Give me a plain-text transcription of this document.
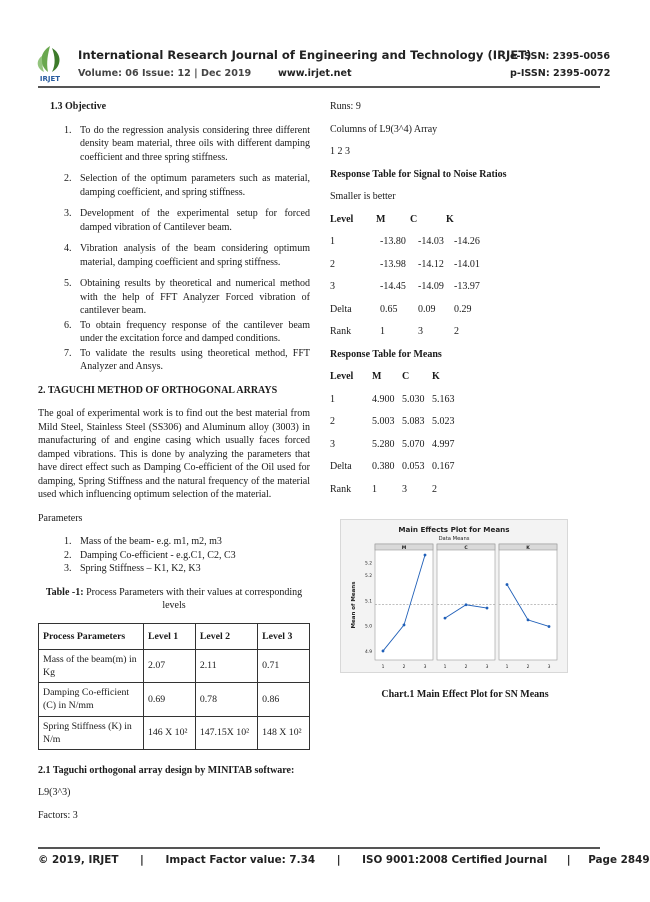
IRJET
International Research Journal of Engineering and Technology (IRJET)
e-ISSN: 2395-0056
Volume: 06 Issue: 12 | Dec 2019	www.irjet.net	p-ISSN: 2395-0072
1.3 Objective
1. To do the regression analysis considering three different density beam material, three oils with different damping coefficient and three spring stiffness.
2. Selection of the optimum parameters such as material, damping coefficient, and spring stiffness.
3. Development of the experimental setup for forced damped vibration of Cantilever beam.
4. Vibration analysis of the beam considering optimum material, damping coefficient and spring stiffness.
5. Obtaining results by theoretical and numerical method with the help of FFT Analyzer Forced vibration of cantilever beam.
6. To obtain frequency response of the cantilever beam under the excitation force and damped conditions.
7. To validate the results using theoretical method, FFT Analyzer and Ansys.
2. TAGUCHI METHOD OF ORTHOGONAL ARRAYS

The goal of experimental work is to find out the best material from Mild Steel, Stainless Steel (SS306) and Aluminum alloy (3003) in manufacturing of and engine casing which usually faces forced damped vibrations. This is done by analyzing the parameters that have direct effect such as Damping Co-efficient of the Oil used for damping, Spring Stiffness and the natural frequency of the material used which influencing optimum selection of the material.

Parameters

1. Mass of the beam- e.g. m1, m2, m3
2. Damping Co-efficient - e.g.C1, C2, C3
3. Spring Stiffness – K1, K2, K3
Table -1: Process Parameters with their values at corresponding levels
Process Parameters	Level 1	Level 2	Level 3
Mass of the beam(m) in Kg	2.07	2.11	0.71
Damping Co-efficient (C) in N/mm	0.69	0.78	0.86
Spring Stiffness (K) in N/m	146 X 10²	147.15X 10²	148 X 10²
2.1 Taguchi orthogonal array design by MINITAB software:

L9(3^3)

Factors: 3

Runs: 9
Columns of L9(3^4) Array
1 2 3
Response Table for Signal to Noise Ratios
Smaller is better
Level M C	K
1	-13.80 -14.03 -14.26
2	-13.98 -14.12 -14.01
3	-14.45 -14.09 -13.97
Delta	0.65 0.09 0.29
Rank	1	3	2
Response Table for Means
Level M C K
1	4.900 5.030 5.163
2	5.003 5.083 5.023
3	5.280 5.070 4.997
Delta 0.380 0.053 0.167
Rank 1	3	2
Main Effects Plot for Means
Data Means
Mean of Means
4.9
5.0
5.1
5.2
5.2
M
1	2	3
C
1	2	3
K
1	2	3
Chart.1 Main Effect Plot for SN Means
© 2019, IRJET | Impact Factor value: 7.34 | ISO 9001:2008 Certified Journal | Page 2849
